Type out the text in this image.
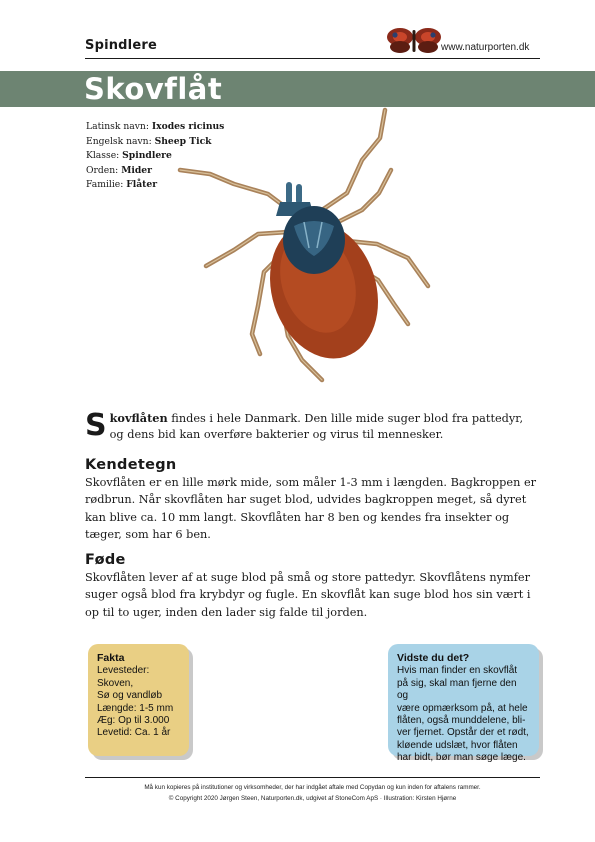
Spindlere	www.naturporten.dk
Skovflåt
Latinsk navn: Ixodes ricinus
Engelsk navn: Sheep Tick
Klasse: Spindlere
Orden: Mider
Familie: Flåter

Skovflåten findes i hele Danmark. Den lille mide suger blod fra pattedyr, og dens bid kan overføre bakterier og virus til mennesker.

Kendetegn

Skovflåten er en lille mørk mide, som måler 1-3 mm i længden. Bagkroppen er rødbrun. Når skovflåten har suget blod, udvides bagkroppen meget, så dyret kan blive ca. 10 mm langt. Skovflåten har 8 ben og kendes fra insekter og tæger, som har 6 ben.

Føde

Skovflåten lever af at suge blod på små og store pattedyr. Skovflåtens nymfer suger også blod fra krybdyr og fugle. En skovflåt kan suge blod hos sin vært i op til to uger, inden den lader sig falde til jorden.

Fakta
Levesteder: Skoven,
Sø og vandløb
Længde: 1-5 mm
Æg: Op til 3.000
Levetid: Ca. 1 år
Vidste du det?
Hvis man finder en skovflåt
på sig, skal man fjerne den og
være opmærksom på, at hele
flåten, også munddelene, bli-
ver fjernet. Opstår der et rødt,
kløende udslæt, hvor flåten
har bidt, bør man søge læge.
Må kun kopieres på institutioner og virksomheder, der har indgået aftale med Copydan og kun inden for aftalens rammer.
© Copyright 2020 Jørgen Steen, Naturporten.dk, udgivet af StoneCom ApS · Illustration: Kirsten Hjørne
